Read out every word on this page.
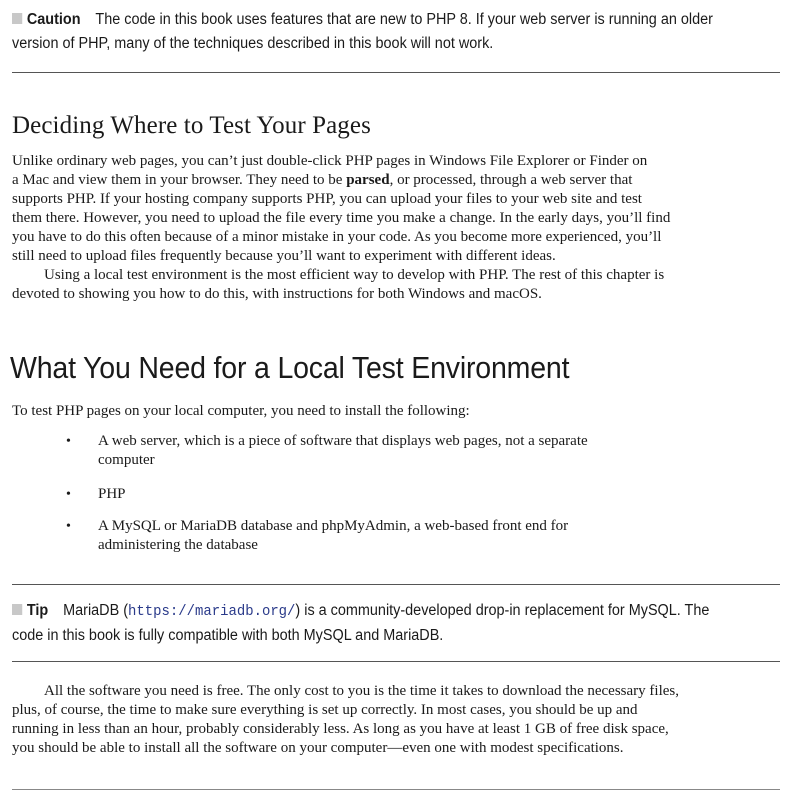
Caution The code in this book uses features that are new to PHP 8. If your web server is running an older
version of PHP, many of the techniques described in this book will not work.
Deciding Where to Test Your Pages
Unlike ordinary web pages, you can’t just double-click PHP pages in Windows File Explorer or Finder on
a Mac and view them in your browser. They need to be parsed, or processed, through a web server that
supports PHP. If your hosting company supports PHP, you can upload your files to your web site and test
them there. However, you need to upload the file every time you make a change. In the early days, you’ll find
you have to do this often because of a minor mistake in your code. As you become more experienced, you’ll
still need to upload files frequently because you’ll want to experiment with different ideas.
Using a local test environment is the most efficient way to develop with PHP. The rest of this chapter is
devoted to showing you how to do this, with instructions for both Windows and macOS.
What You Need for a Local Test Environment
To test PHP pages on your local computer, you need to install the following:
• A web server, which is a piece of software that displays web pages, not a separate
computer
• PHP
• A MySQL or MariaDB database and phpMyAdmin, a web-based front end for
administering the database
Tip MariaDB (https://mariadb.org/) is a community-developed drop-in replacement for MySQL. The
code in this book is fully compatible with both MySQL and MariaDB.
All the software you need is free. The only cost to you is the time it takes to download the necessary files,
plus, of course, the time to make sure everything is set up correctly. In most cases, you should be up and
running in less than an hour, probably considerably less. As long as you have at least 1 GB of free disk space,
you should be able to install all the software on your computer—even one with modest specifications.
